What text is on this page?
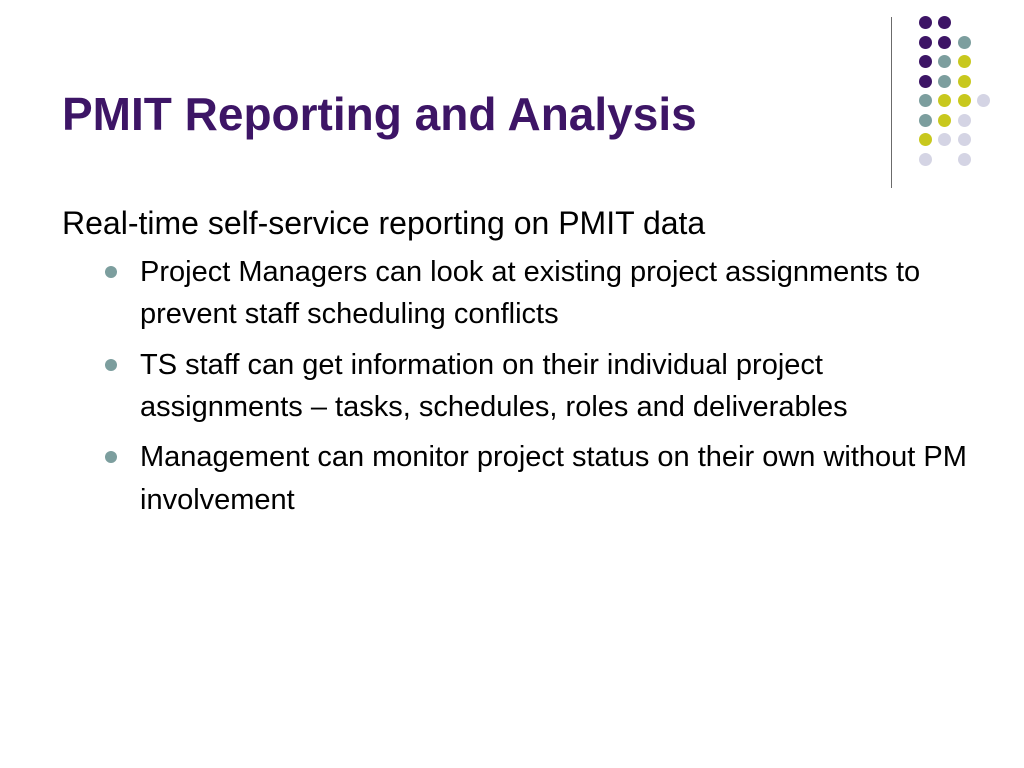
PMIT Reporting and Analysis

Real-time self-service reporting on PMIT data

Project Managers can look at existing project assignments to prevent staff scheduling conflicts
TS staff can get information on their individual project assignments – tasks, schedules, roles and deliverables
Management can monitor project status on their own without PM involvement
